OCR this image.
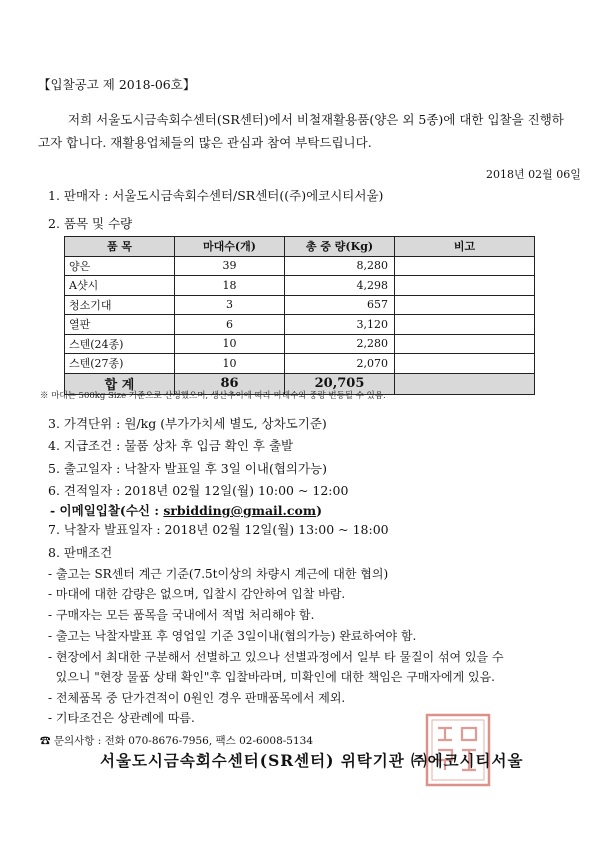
【입찰공고 제 2018-06호】
저희 서울도시금속회수센터(SR센터)에서 비철재활용품(양은 외 5종)에 대한 입찰을 진행하
고자 합니다. 재활용업체들의 많은 관심과 참여 부탁드립니다.
2018년 02월 06일
1. 판매자 : 서울도시금속회수센터/SR센터((주)에코시티서울)
2. 품목 및 수량
품 목	마대수(개)	총 중 량(Kg)	비고
양은	39	8,280	
A샷시	18	4,298	
청소기대	3	657	
열판	6	3,120	
스텐(24종)	10	2,280	
스텐(27종)	10	2,070	
합 계	86	20,705	
※ 마대는 500kg Size 기준으로 산정했으며, 생산추이에 따라 마대수와 중량 변동될 수 있음.
3. 가격단위 : 원/kg (부가가치세 별도, 상차도기준)
4. 지급조건 : 물품 상차 후 입금 확인 후 출발
5. 출고일자 : 낙찰자 발표일 후 3일 이내(협의가능)
6. 견적일자 : 2018년 02월 12일(월) 10:00 ~ 12:00
- 이메일입찰(수신 : srbidding@gmail.com)
7. 낙찰자 발표일자 : 2018년 02월 12일(월) 13:00 ~ 18:00
8. 판매조건
- 출고는 SR센터 계근 기준(7.5t이상의 차량시 계근에 대한 협의)
- 마대에 대한 감량은 없으며, 입찰시 감안하여 입찰 바람.
- 구매자는 모든 품목을 국내에서 적법 처리해야 함.
- 출고는 낙찰자발표 후 영업일 기준 3일이내(협의가능) 완료하여야 함.
- 현장에서 최대한 구분해서 선별하고 있으나 선별과정에서 일부 타 물질이 섞여 있을 수
있으니 "현장 물품 상태 확인"후 입찰바라며, 미확인에 대한 책임은 구매자에게 있음.
- 전체품목 중 단가견적이 0원인 경우 판매품목에서 제외.
- 기타조건은 상관례에 따름.
☎ 문의사항 : 전화 070-8676-7956, 팩스 02-6008-5134
서울도시금속회수센터(SR센터) 위탁기관 ㈜에코시티서울
